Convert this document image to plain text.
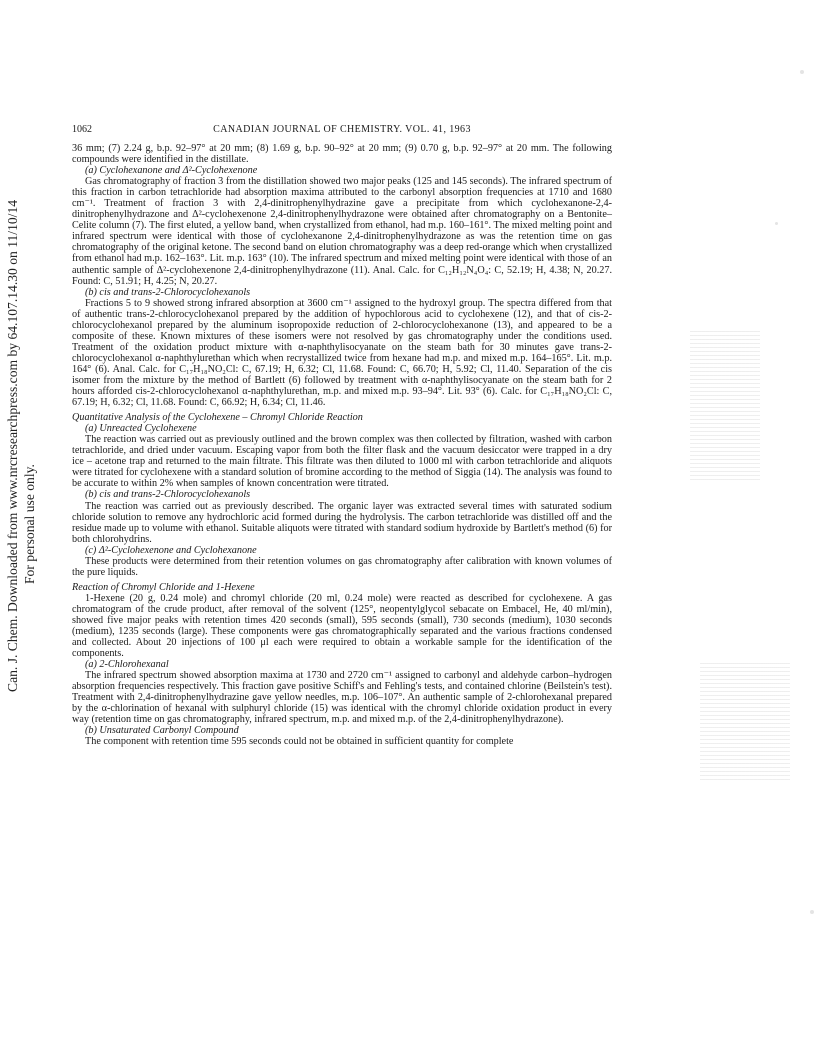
Can. J. Chem. Downloaded from www.nrcresearchpress.com by 64.107.14.30 on 11/10/14 For personal use only.
1062	CANADIAN JOURNAL OF CHEMISTRY. VOL. 41, 1963

36 mm; (7) 2.24 g, b.p. 92–97° at 20 mm; (8) 1.69 g, b.p. 90–92° at 20 mm; (9) 0.70 g, b.p. 92–97° at 20 mm. The following compounds were identified in the distillate.

(a) Cyclohexanone and Δ²-Cyclohexenone

Gas chromatography of fraction 3 from the distillation showed two major peaks (125 and 145 seconds). The infrared spectrum of this fraction in carbon tetrachloride had absorption maxima attributed to the carbonyl absorption frequencies at 1710 and 1680 cm⁻¹. Treatment of fraction 3 with 2,4-dinitrophenylhydrazine gave a precipitate from which cyclohexanone-2,4-dinitrophenylhydrazone and Δ²-cyclohexenone 2,4-dinitrophenylhydrazone were obtained after chromatography on a Bentonite–Celite column (7). The first eluted, a yellow band, when crystallized from ethanol, had m.p. 160–161°. The mixed melting point and infrared spectrum were identical with those of cyclohexanone 2,4-dinitrophenylhydrazone as was the retention time on gas chromatography of the original ketone. The second band on elution chromatography was a deep red-orange which when crystallized from ethanol had m.p. 162–163°. Lit. m.p. 163° (10). The infrared spectrum and mixed melting point were identical with those of an authentic sample of Δ²-cyclohexenone 2,4-dinitrophenylhydrazone (11). Anal. Calc. for C₁₂H₁₂N₄O₄: C, 52.19; H, 4.38; N, 20.27. Found: C, 51.91; H, 4.25; N, 20.27.

(b) cis and trans-2-Chlorocyclohexanols

Fractions 5 to 9 showed strong infrared absorption at 3600 cm⁻¹ assigned to the hydroxyl group. The spectra differed from that of authentic trans-2-chlorocyclohexanol prepared by the addition of hypochlorous acid to cyclohexene (12), and that of cis-2-chlorocyclohexanol prepared by the aluminum isopropoxide reduction of 2-chlorocyclohexanone (13), and appeared to be a composite of these. Known mixtures of these isomers were not resolved by gas chromatography under the conditions used. Treatment of the oxidation product mixture with α-naphthylisocyanate on the steam bath for 30 minutes gave trans-2-chlorocyclohexanol α-naphthylurethan which when recrystallized twice from hexane had m.p. and mixed m.p. 164–165°. Lit. m.p. 164° (6). Anal. Calc. for C₁₇H₁₈NO₂Cl: C, 67.19; H, 6.32; Cl, 11.68. Found: C, 66.70; H, 5.92; Cl, 11.40. Separation of the cis isomer from the mixture by the method of Bartlett (6) followed by treatment with α-naphthylisocyanate on the steam bath for 2 hours afforded cis-2-chlorocyclohexanol α-naphthylurethan, m.p. and mixed m.p. 93–94°. Lit. 93° (6). Calc. for C₁₇H₁₈NO₂Cl: C, 67.19; H, 6.32; Cl, 11.68. Found: C, 66.92; H, 6.34; Cl, 11.46.

Quantitative Analysis of the Cyclohexene – Chromyl Chloride Reaction

(a) Unreacted Cyclohexene

The reaction was carried out as previously outlined and the brown complex was then collected by filtration, washed with carbon tetrachloride, and dried under vacuum. Escaping vapor from both the filter flask and the vacuum desiccator were trapped in a dry ice – acetone trap and returned to the main filtrate. This filtrate was then diluted to 1000 ml with carbon tetrachloride and aliquots were titrated for cyclohexene with a standard solution of bromine according to the method of Siggia (14). The analysis was found to be accurate to within 2% when samples of known concentration were titrated.

(b) cis and trans-2-Chlorocyclohexanols

The reaction was carried out as previously described. The organic layer was extracted several times with saturated sodium chloride solution to remove any hydrochloric acid formed during the hydrolysis. The carbon tetrachloride was distilled off and the residue made up to volume with ethanol. Suitable aliquots were titrated with standard sodium hydroxide by Bartlett's method (6) for both chlorohydrins.

(c) Δ²-Cyclohexenone and Cyclohexanone

These products were determined from their retention volumes on gas chromatography after calibration with known volumes of the pure liquids.

Reaction of Chromyl Chloride and 1-Hexene

1-Hexene (20 g, 0.24 mole) and chromyl chloride (20 ml, 0.24 mole) were reacted as described for cyclohexene. A gas chromatogram of the crude product, after removal of the solvent (125°, neopentylglycol sebacate on Embacel, He, 40 ml/min), showed five major peaks with retention times 420 seconds (small), 595 seconds (small), 730 seconds (medium), 1030 seconds (medium), 1235 seconds (large). These components were gas chromatographically separated and the various fractions condensed and collected. About 20 injections of 100 μl each were required to obtain a workable sample for the identification of the components.

(a) 2-Chlorohexanal

The infrared spectrum showed absorption maxima at 1730 and 2720 cm⁻¹ assigned to carbonyl and aldehyde carbon–hydrogen absorption frequencies respectively. This fraction gave positive Schiff's and Fehling's tests, and contained chlorine (Beilstein's test). Treatment with 2,4-dinitrophenylhydrazine gave yellow needles, m.p. 106–107°. An authentic sample of 2-chlorohexanal prepared by the α-chlorination of hexanal with sulphuryl chloride (15) was identical with the chromyl chloride oxidation product in every way (retention time on gas chromatography, infrared spectrum, m.p. and mixed m.p. of the 2,4-dinitrophenylhydrazone).

(b) Unsaturated Carbonyl Compound

The component with retention time 595 seconds could not be obtained in sufficient quantity for complete
